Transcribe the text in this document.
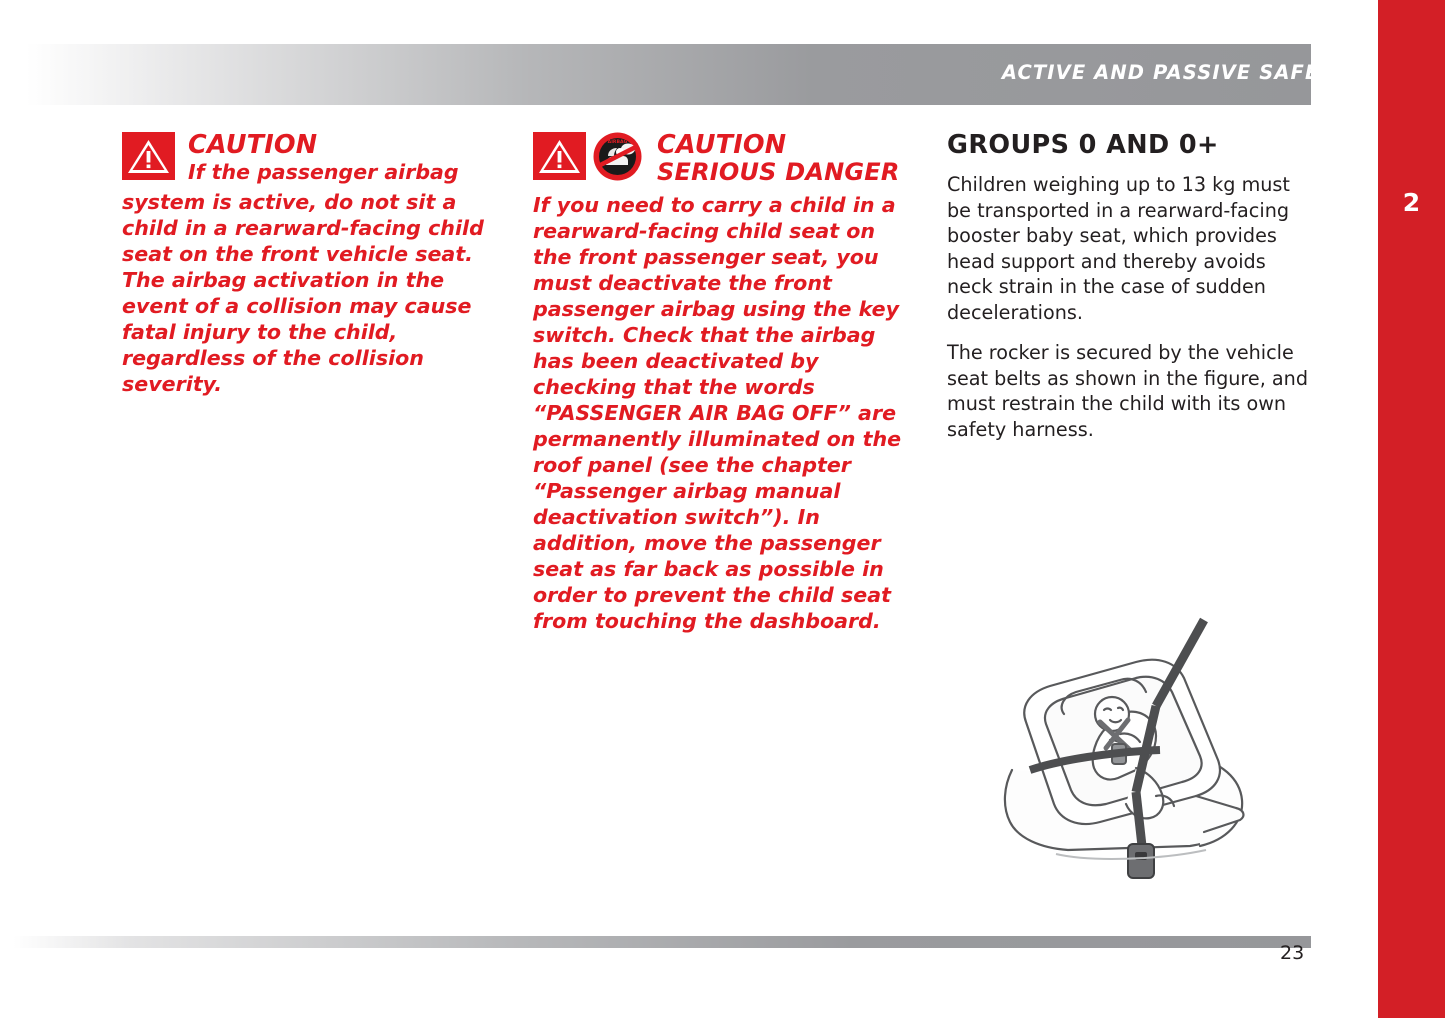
ACTIVE AND PASSIVE SAFETY
2
CAUTION
If the passenger airbag
system is active, do not sit a child in a rearward-facing child seat on the front vehicle seat. The airbag activation in the event of a collision may cause fatal injury to the child, regardless of the collision severity.
AIRBAG CAUTION
SERIOUS DANGER
If you need to carry a child in a rearward-facing child seat on the front passenger seat, you must deactivate the front passenger airbag using the key switch. Check that the airbag has been deactivated by checking that the words “PASSENGER AIR BAG OFF” are permanently illuminated on the roof panel (see the chapter “Passenger airbag manual deactivation switch”). In addition, move the passenger seat as far back as possible in order to prevent the child seat from touching the dashboard.
GROUPS 0 AND 0+

Children weighing up to 13 kg must be transported in a rearward-facing booster baby seat, which provides head support and thereby avoids neck strain in the case of sudden decelerations.

The rocker is secured by the vehicle seat belts as shown in the figure, and must restrain the child with its own safety harness.

23
